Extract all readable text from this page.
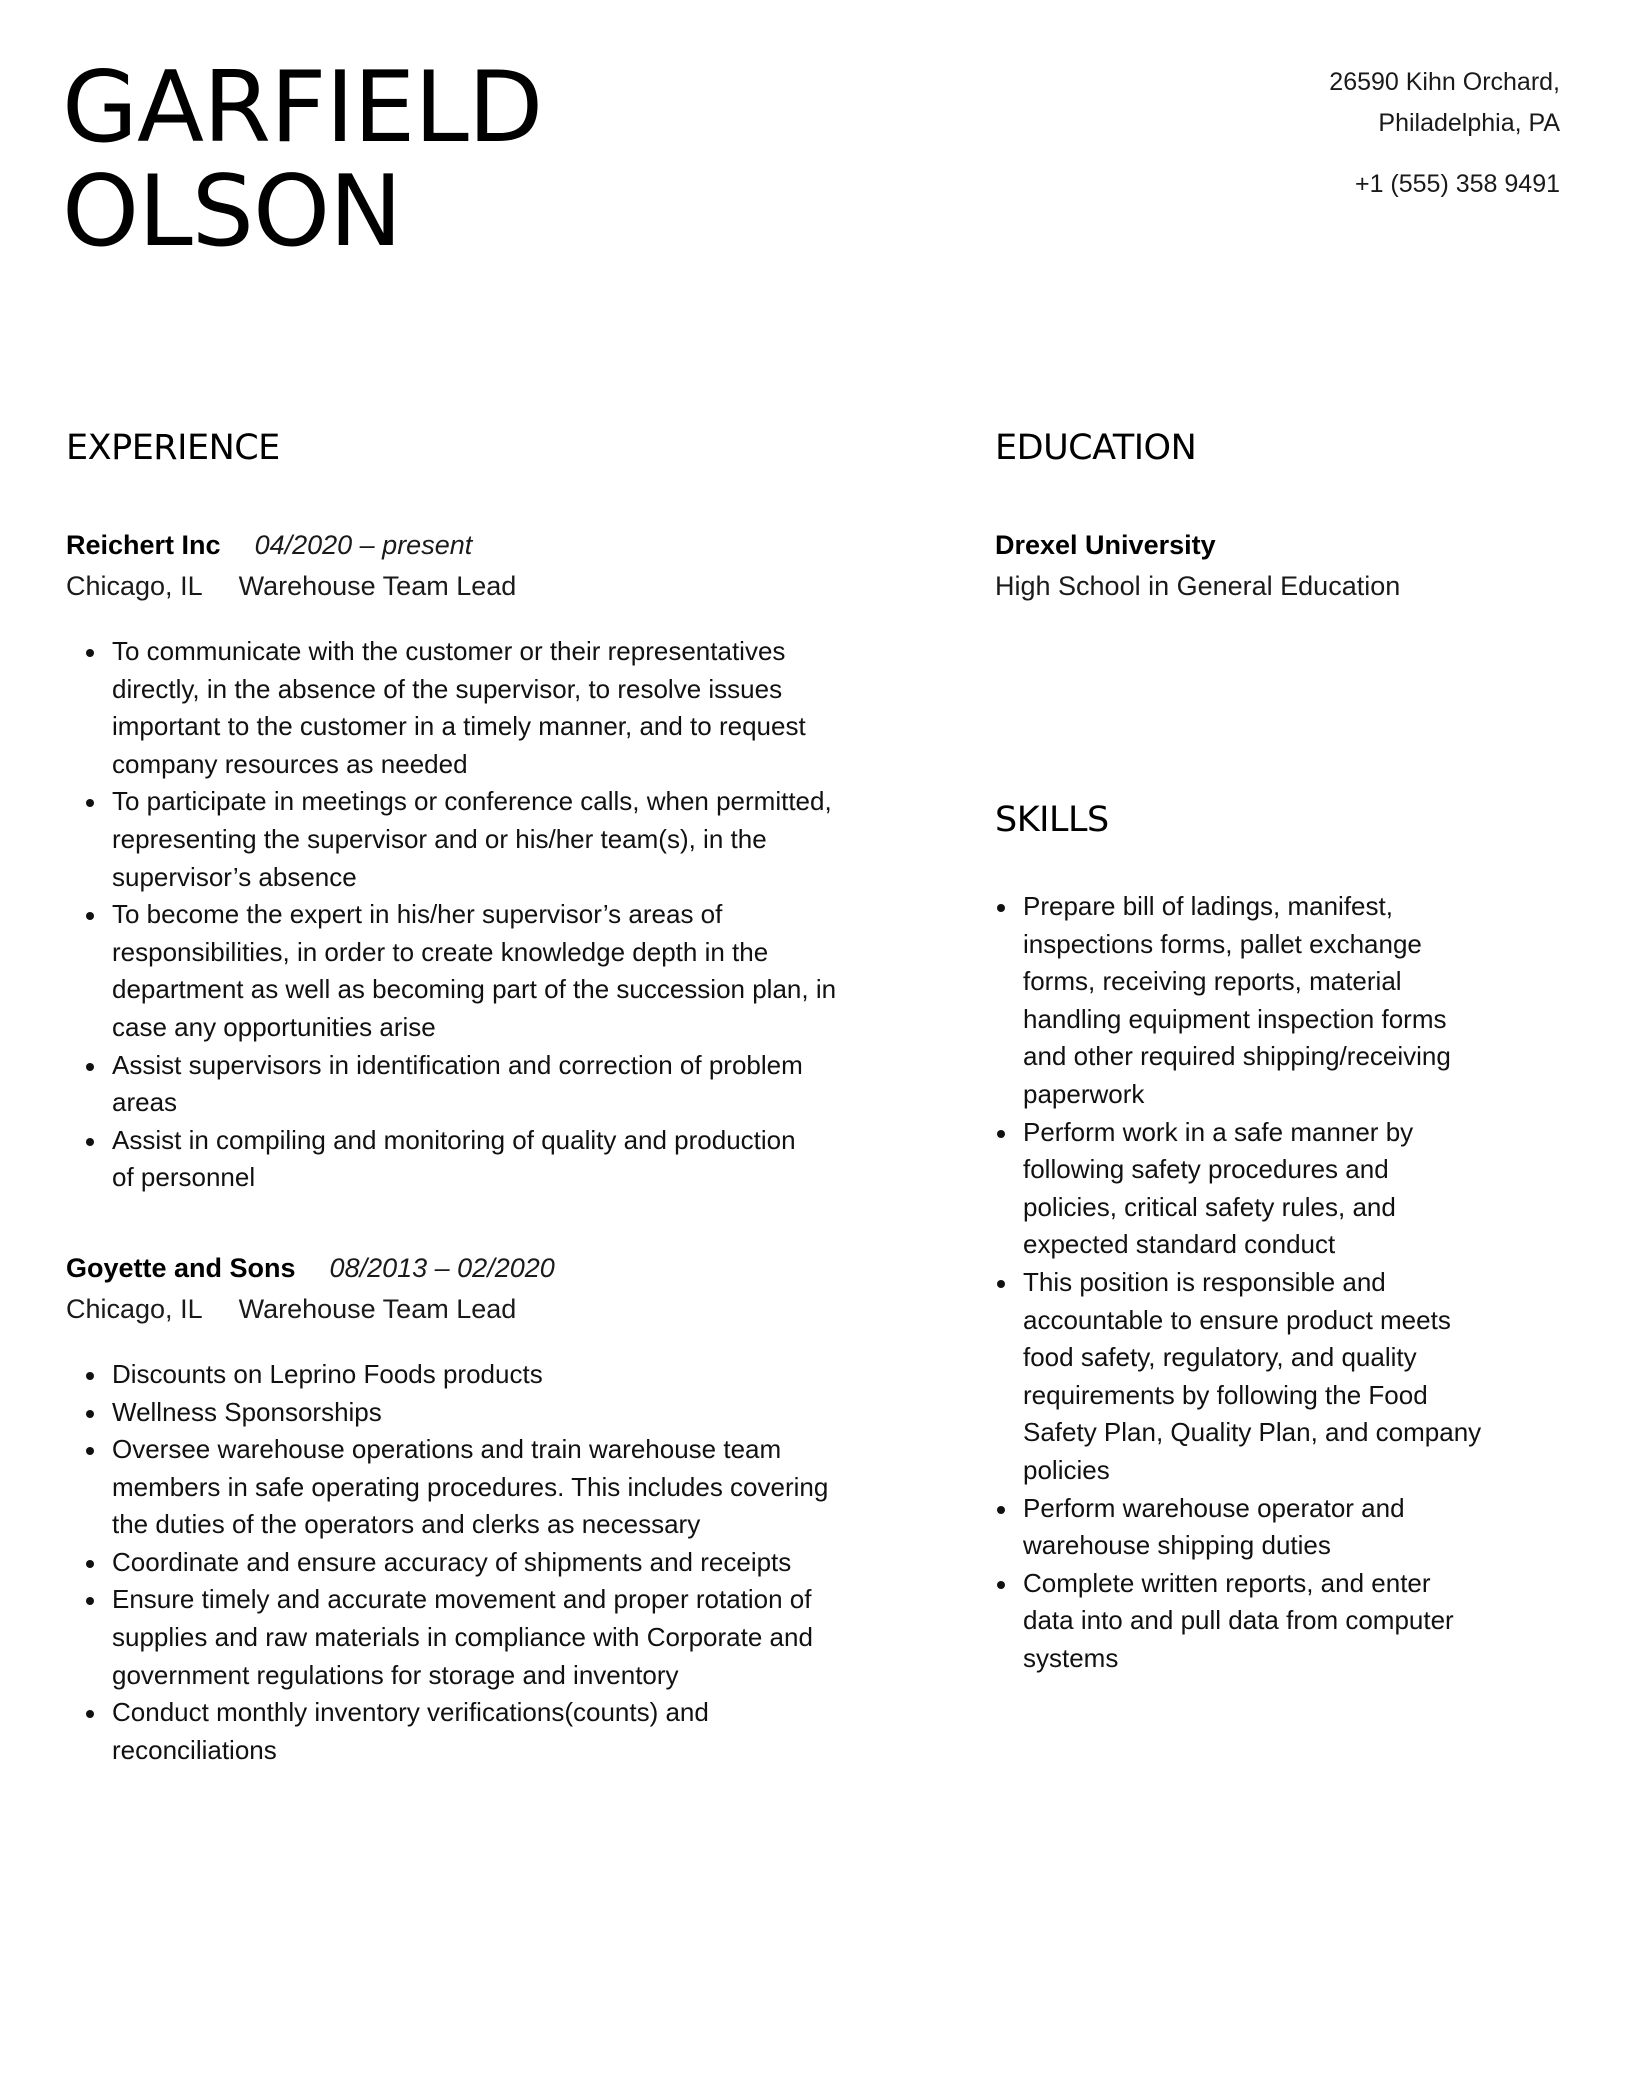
GARFIELD
OLSON
26590 Kihn Orchard,
Philadelphia, PA
+1 (555) 358 9491
EXPERIENCE	EDUCATION
SKILLS
Reichert Inc 04/2020 – present
Chicago, IL Warehouse Team Lead
To communicate with the customer or their representatives
directly, in the absence of the supervisor, to resolve issues
important to the customer in a timely manner, and to request
company resources as needed
To participate in meetings or conference calls, when permitted,
representing the supervisor and or his/her team(s), in the
supervisor’s absence
To become the expert in his/her supervisor’s areas of
responsibilities, in order to create knowledge depth in the
department as well as becoming part of the succession plan, in
case any opportunities arise
Assist supervisors in identification and correction of problem
areas
Assist in compiling and monitoring of quality and production
of personnel
Goyette and Sons 08/2013 – 02/2020
Chicago, IL Warehouse Team Lead
Discounts on Leprino Foods products
Wellness Sponsorships
Oversee warehouse operations and train warehouse team
members in safe operating procedures. This includes covering
the duties of the operators and clerks as necessary
Coordinate and ensure accuracy of shipments and receipts
Ensure timely and accurate movement and proper rotation of
supplies and raw materials in compliance with Corporate and
government regulations for storage and inventory
Conduct monthly inventory verifications(counts) and
reconciliations
Drexel University
High School in General Education
Prepare bill of ladings, manifest,
inspections forms, pallet exchange
forms, receiving reports, material
handling equipment inspection forms
and other required shipping/receiving
paperwork
Perform work in a safe manner by
following safety procedures and
policies, critical safety rules, and
expected standard conduct
This position is responsible and
accountable to ensure product meets
food safety, regulatory, and quality
requirements by following the Food
Safety Plan, Quality Plan, and company
policies
Perform warehouse operator and
warehouse shipping duties
Complete written reports, and enter
data into and pull data from computer
systems
